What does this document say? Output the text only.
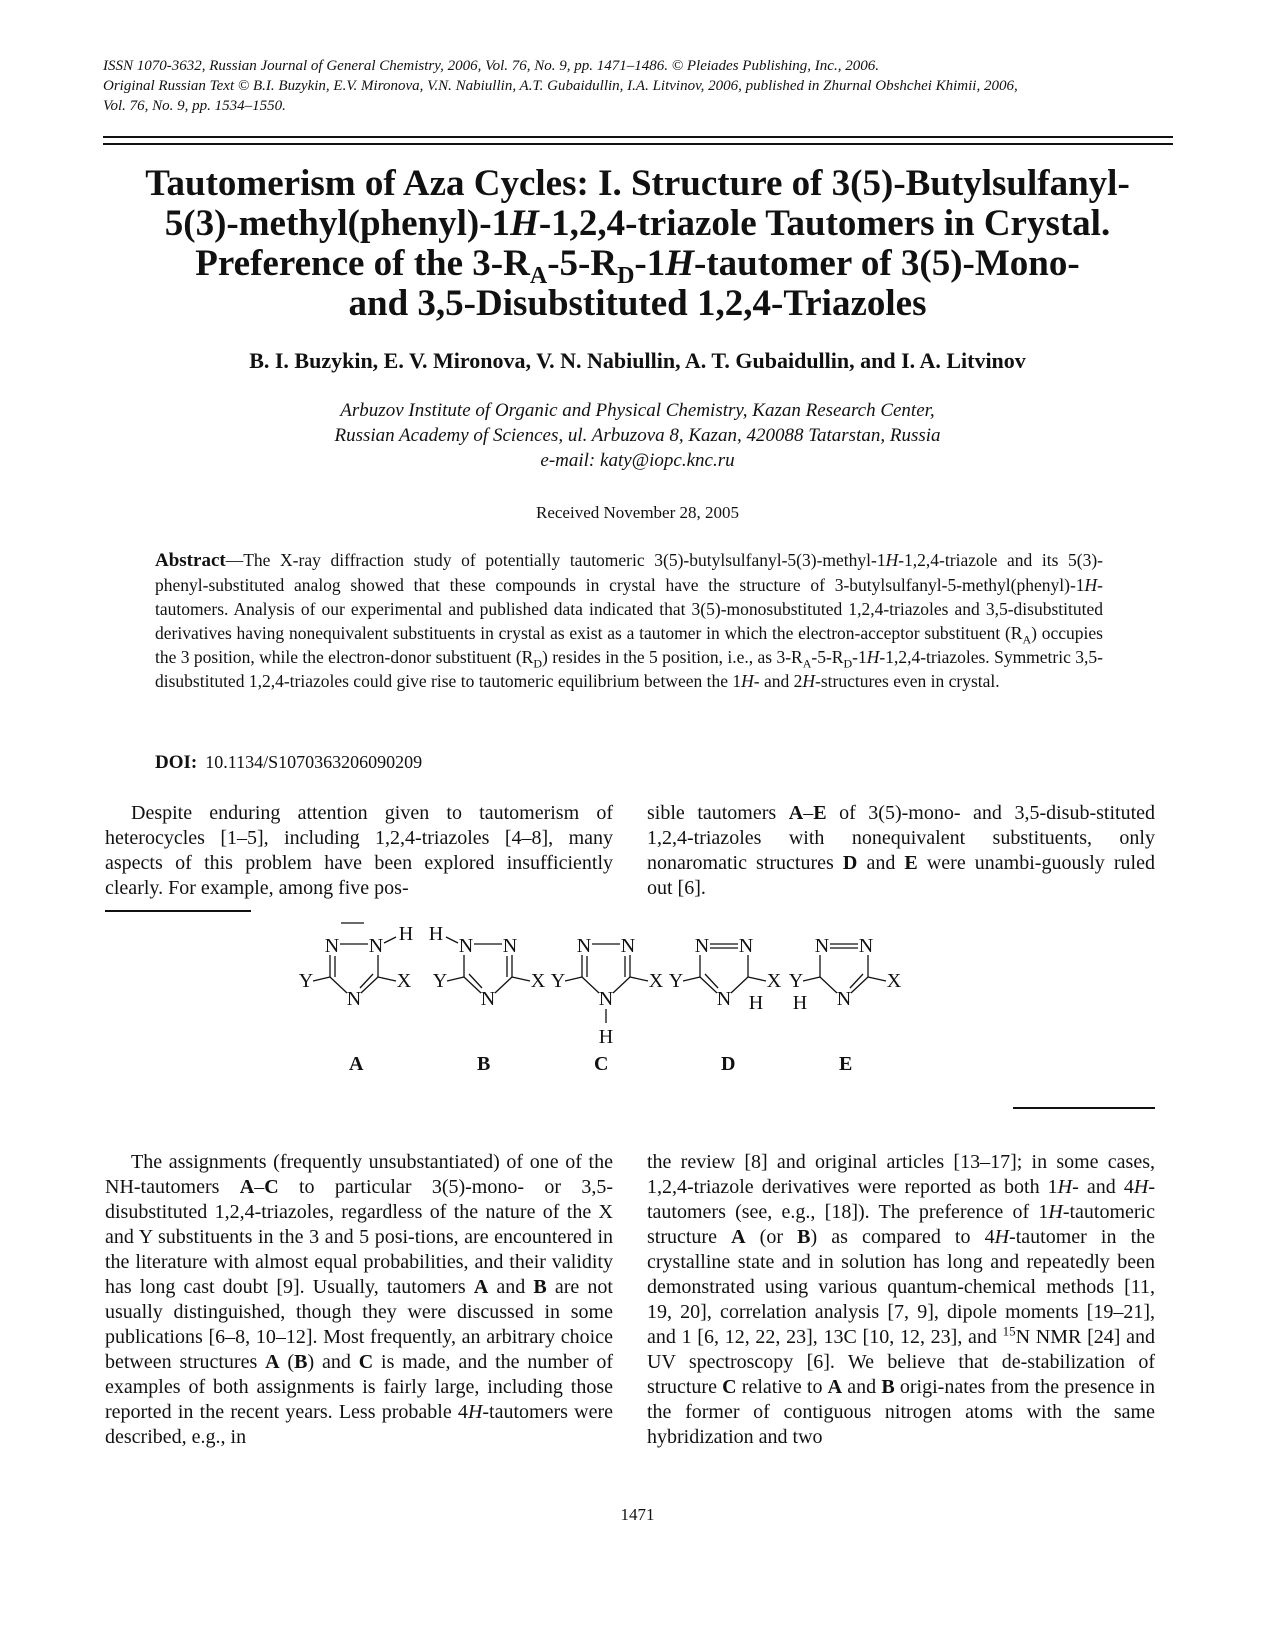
ISSN 1070-3632, Russian Journal of General Chemistry, 2006, Vol. 76, No. 9, pp. 1471–1486. © Pleiades Publishing, Inc., 2006.
Original Russian Text © B.I. Buzykin, E.V. Mironova, V.N. Nabiullin, A.T. Gubaidullin, I.A. Litvinov, 2006, published in Zhurnal Obshchei Khimii, 2006,
Vol. 76, No. 9, pp. 1534–1550.
Tautomerism of Aza Cycles: I. Structure of 3(5)-Butylsulfanyl-
5(3)-methyl(phenyl)-1H-1,2,4-triazole Tautomers in Crystal.
Preference of the $3-R_A-5-R_D-1H$-tautomer of 3(5)-Mono-
and 3,5-Disubstituted 1,2,4-Triazoles
B. I. Buzykin, E. V. Mironova, V. N. Nabiullin, A. T. Gubaidullin, and I. A. Litvinov
Arbuzov Institute of Organic and Physical Chemistry, Kazan Research Center,
Russian Academy of Sciences, ul. Arbuzova 8, Kazan, 420088 Tatarstan, Russia
e-mail: katy@iopc.knc.ru
Received November 28, 2005
Abstract—The X-ray diffraction study of potentially tautomeric 3(5)-butylsulfanyl-5(3)-methyl-1H-1,2,4-triazole and its 5(3)-phenyl-substituted analog showed that these compounds in crystal have the structure of 3-butylsulfanyl-5-methyl(phenyl)-1H-tautomers. Analysis of our experimental and published data indicated that 3(5)-monosubstituted 1,2,4-triazoles and 3,5-disubstituted derivatives having nonequivalent substituents in crystal as exist as a tautomer in which the electron-acceptor substituent $(R_A)$ occupies the 3 position, while the electron-donor substituent $(R_D)$ resides in the 5 position, i.e., as $3-R_A-5-R_D-1H-1,2,4$-triazoles. Symmetric 3,5-disubstituted 1,2,4-triazoles could give rise to tautomeric equilibrium between the 1H- and 2H-structures even in crystal.
DOI: 10.1134/S1070363206090209

Despite enduring attention given to tautomerism of heterocycles [1–5], including 1,2,4-triazoles [4–8], many aspects of this problem have been explored insufficiently clearly. For example, among five pos-

sible tautomers A–E of 3(5)-mono- and 3,5-disub-stituted 1,2,4-triazoles with nonequivalent substituents, only nonaromatic structures D and E were unambi-guously ruled out [6].

N N
N
Y	X
H
N N
N
Y	X
H
N N
N
Y	X
H
N N
N
Y	X
H
N N
N
Y	X
H
A	B	C	D	E

The assignments (frequently unsubstantiated) of one of the NH-tautomers A–C to particular 3(5)-mono- or 3,5-disubstituted 1,2,4-triazoles, regardless of the nature of the X and Y substituents in the 3 and 5 posi-tions, are encountered in the literature with almost equal probabilities, and their validity has long cast doubt [9]. Usually, tautomers A and B are not usually distinguished, though they were discussed in some publications [6–8, 10–12]. Most frequently, an arbitrary choice between structures A (B) and C is made, and the number of examples of both assignments is fairly large, including those reported in the recent years. Less probable 4H-tautomers were described, e.g., in

the review [8] and original articles [13–17]; in some cases, 1,2,4-triazole derivatives were reported as both 1H- and 4H-tautomers (see, e.g., [18]). The preference of 1H-tautomeric structure A (or B) as compared to 4H-tautomer in the crystalline state and in solution has long and repeatedly been demonstrated using various quantum-chemical methods [11, 19, 20], correlation analysis [7, 9], dipole moments [19–21], and 1 [6, 12, 22, 23], 13C [10, 12, 23], and $^{15}$N NMR [24] and UV spectroscopy [6]. We believe that de-stabilization of structure C relative to A and B origi-nates from the presence in the former of contiguous nitrogen atoms with the same hybridization and two

1471
